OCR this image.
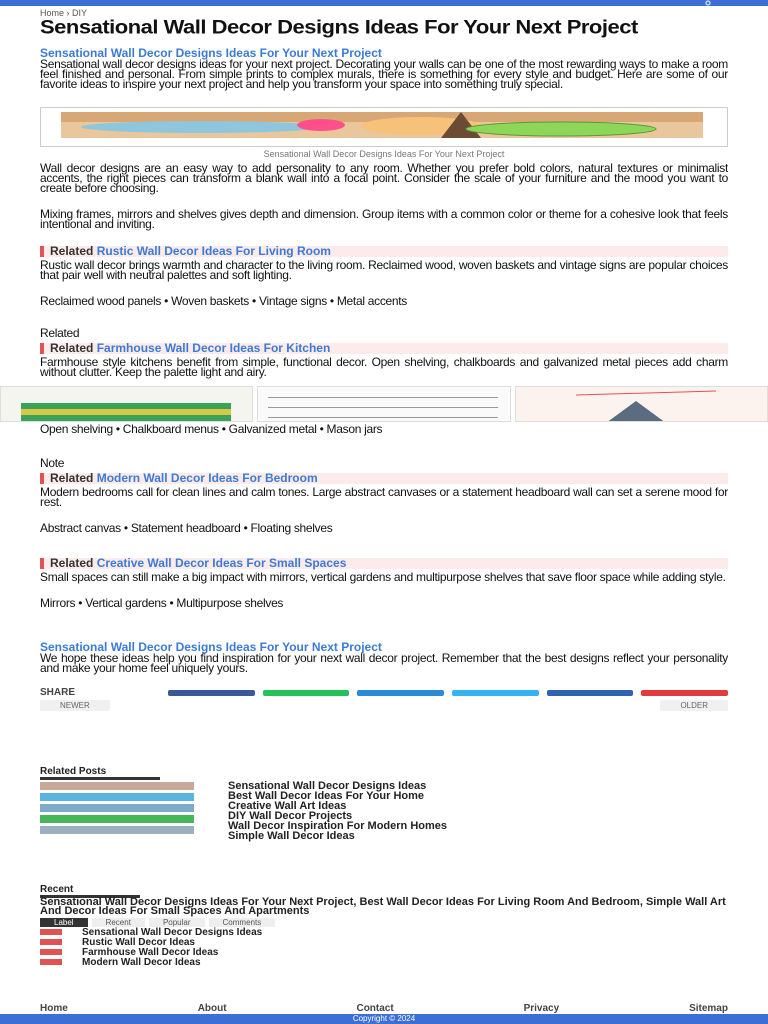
Home › DIY
Sensational Wall Decor Designs Ideas For Your Next Project
Sensational Wall Decor Designs Ideas For Your Next Project

Sensational wall decor designs ideas for your next project. Decorating your walls can be one of the most rewarding ways to make a room feel finished and personal. From simple prints to complex murals, there is something for every style and budget. Here are some of our favorite ideas to inspire your next project and help you transform your space into something truly special.

Sensational Wall Decor Designs Ideas For Your Next Project

Wall decor designs are an easy way to add personality to any room. Whether you prefer bold colors, natural textures or minimalist accents, the right pieces can transform a blank wall into a focal point. Consider the scale of your furniture and the mood you want to create before choosing.

Mixing frames, mirrors and shelves gives depth and dimension. Group items with a common color or theme for a cohesive look that feels intentional and inviting.

Related Rustic Wall Decor Ideas For Living Room

Rustic wall decor brings warmth and character to the living room. Reclaimed wood, woven baskets and vintage signs are popular choices that pair well with neutral palettes and soft lighting.

Reclaimed wood panels • Woven baskets • Vintage signs • Metal accents

Related

Related Farmhouse Wall Decor Ideas For Kitchen

Farmhouse style kitchens benefit from simple, functional decor. Open shelving, chalkboards and galvanized metal pieces add charm without clutter. Keep the palette light and airy.

Open shelving • Chalkboard menus • Galvanized metal • Mason jars

Note

Related Modern Wall Decor Ideas For Bedroom

Modern bedrooms call for clean lines and calm tones. Large abstract canvases or a statement headboard wall can set a serene mood for rest.

Abstract canvas • Statement headboard • Floating shelves

Related Creative Wall Decor Ideas For Small Spaces

Small spaces can still make a big impact with mirrors, vertical gardens and multipurpose shelves that save floor space while adding style.

Mirrors • Vertical gardens • Multipurpose shelves

Sensational Wall Decor Designs Ideas For Your Next Project

We hope these ideas help you find inspiration for your next wall decor project. Remember that the best designs reflect your personality and make your home feel uniquely yours.

SHARE
NEWER	OLDER
Related Posts
Sensational Wall Decor Designs Ideas
Best Wall Decor Ideas For Your Home
Creative Wall Art Ideas
DIY Wall Decor Projects
Wall Decor Inspiration For Modern Homes
Simple Wall Decor Ideas
Recent
Sensational Wall Decor Designs Ideas For Your Next Project, Best Wall Decor Ideas For Living Room And Bedroom, Simple Wall Art And Decor Ideas For Small Spaces And Apartments
Label	Recent	Popular	Comments
Sensational Wall Decor Designs Ideas
Rustic Wall Decor Ideas
Farmhouse Wall Decor Ideas
Modern Wall Decor Ideas
Home	About	Contact	Privacy	Sitemap
Copyright © 2024
